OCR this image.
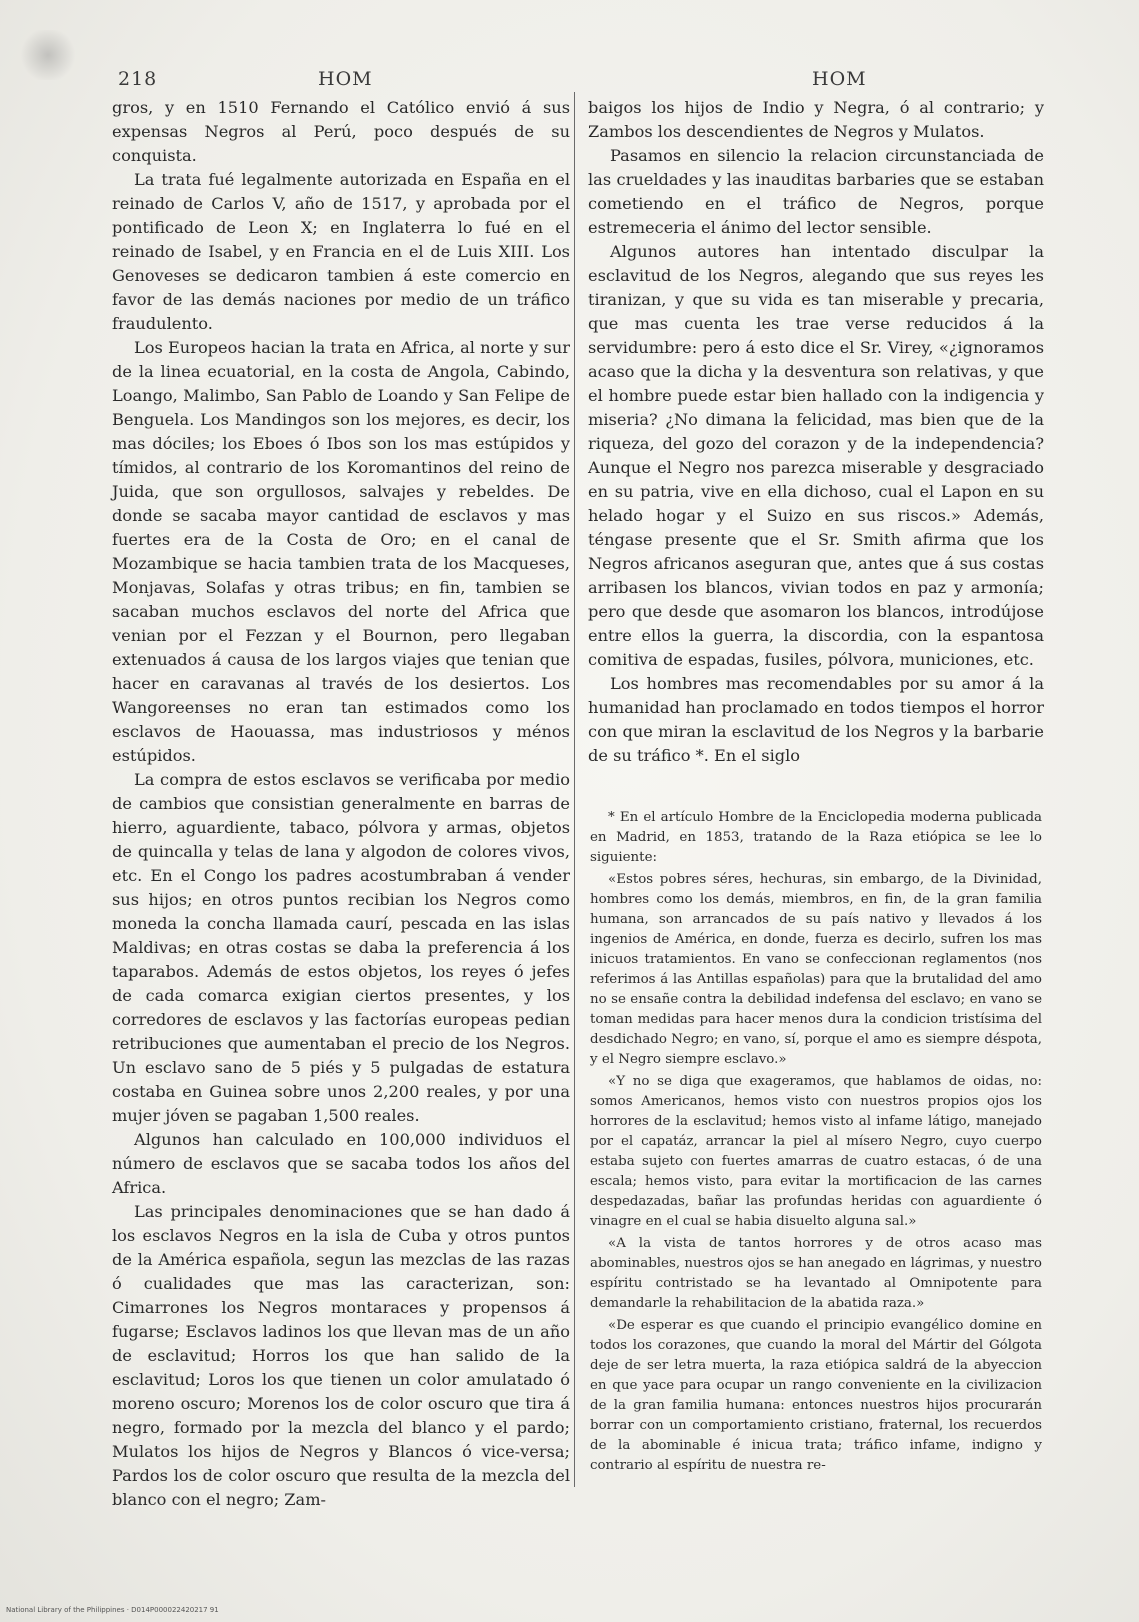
218	HOM	HOM

gros, y en 1510 Fernando el Católico envió á sus expensas Negros al Perú, poco después de su conquista.

La trata fué legalmente autorizada en España en el reinado de Carlos V, año de 1517, y aprobada por el pontificado de Leon X; en Inglaterra lo fué en el reinado de Isabel, y en Francia en el de Luis XIII. Los Genoveses se dedicaron tambien á este comercio en favor de las demás naciones por medio de un tráfico fraudulento.

Los Europeos hacian la trata en Africa, al norte y sur de la linea ecuatorial, en la costa de Angola, Cabindo, Loango, Malimbo, San Pablo de Loando y San Felipe de Benguela. Los Mandingos son los mejores, es decir, los mas dóciles; los Eboes ó Ibos son los mas estúpidos y tímidos, al contrario de los Koromantinos del reino de Juida, que son orgullosos, salvajes y rebeldes. De donde se sacaba mayor cantidad de esclavos y mas fuertes era de la Costa de Oro; en el canal de Mozambique se hacia tambien trata de los Macqueses, Monjavas, Solafas y otras tribus; en fin, tambien se sacaban muchos esclavos del norte del Africa que venian por el Fezzan y el Bournon, pero llegaban extenuados á causa de los largos viajes que tenian que hacer en caravanas al través de los desiertos. Los Wangoreenses no eran tan estimados como los esclavos de Haouassa, mas industriosos y ménos estúpidos.

La compra de estos esclavos se verificaba por medio de cambios que consistian generalmente en barras de hierro, aguardiente, tabaco, pólvora y armas, objetos de quincalla y telas de lana y algodon de colores vivos, etc. En el Congo los padres acostumbraban á vender sus hijos; en otros puntos recibian los Negros como moneda la concha llamada caurí, pescada en las islas Maldivas; en otras costas se daba la preferencia á los taparabos. Además de estos objetos, los reyes ó jefes de cada comarca exigian ciertos presentes, y los corredores de esclavos y las factorías europeas pedian retribuciones que aumentaban el precio de los Negros. Un esclavo sano de 5 piés y 5 pulgadas de estatura costaba en Guinea sobre unos 2,200 reales, y por una mujer jóven se pagaban 1,500 reales.

Algunos han calculado en 100,000 individuos el número de esclavos que se sacaba todos los años del Africa.

Las principales denominaciones que se han dado á los esclavos Negros en la isla de Cuba y otros puntos de la América española, segun las mezclas de las razas ó cualidades que mas las caracterizan, son: Cimarrones los Negros montaraces y propensos á fugarse; Esclavos ladinos los que llevan mas de un año de esclavitud; Horros los que han salido de la esclavitud; Loros los que tienen un color amulatado ó moreno oscuro; Morenos los de color oscuro que tira á negro, formado por la mezcla del blanco y el pardo; Mulatos los hijos de Negros y Blancos ó vice-versa; Pardos los de color oscuro que resulta de la mezcla del blanco con el negro; Zam-

baigos los hijos de Indio y Negra, ó al contrario; y Zambos los descendientes de Negros y Mulatos.

Pasamos en silencio la relacion circunstanciada de las crueldades y las inauditas barbaries que se estaban cometiendo en el tráfico de Negros, porque estremeceria el ánimo del lector sensible.

Algunos autores han intentado disculpar la esclavitud de los Negros, alegando que sus reyes les tiranizan, y que su vida es tan miserable y precaria, que mas cuenta les trae verse reducidos á la servidumbre: pero á esto dice el Sr. Virey, «¿ignoramos acaso que la dicha y la desventura son relativas, y que el hombre puede estar bien hallado con la indigencia y miseria? ¿No dimana la felicidad, mas bien que de la riqueza, del gozo del corazon y de la independencia? Aunque el Negro nos parezca miserable y desgraciado en su patria, vive en ella dichoso, cual el Lapon en su helado hogar y el Suizo en sus riscos.» Además, téngase presente que el Sr. Smith afirma que los Negros africanos aseguran que, antes que á sus costas arribasen los blancos, vivian todos en paz y armonía; pero que desde que asomaron los blancos, introdújose entre ellos la guerra, la discordia, con la espantosa comitiva de espadas, fusiles, pólvora, municiones, etc.

Los hombres mas recomendables por su amor á la humanidad han proclamado en todos tiempos el horror con que miran la esclavitud de los Negros y la barbarie de su tráfico *. En el siglo

* En el artículo Hombre de la Enciclopedia moderna publicada en Madrid, en 1853, tratando de la Raza etiópica se lee lo siguiente:

«Estos pobres séres, hechuras, sin embargo, de la Divinidad, hombres como los demás, miembros, en fin, de la gran familia humana, son arrancados de su país nativo y llevados á los ingenios de América, en donde, fuerza es decirlo, sufren los mas inicuos tratamientos. En vano se confeccionan reglamentos (nos referimos á las Antillas españolas) para que la brutalidad del amo no se ensañe contra la debilidad indefensa del esclavo; en vano se toman medidas para hacer menos dura la condicion tristísima del desdichado Negro; en vano, sí, porque el amo es siempre déspota, y el Negro siempre esclavo.»

«Y no se diga que exageramos, que hablamos de oidas, no: somos Americanos, hemos visto con nuestros propios ojos los horrores de la esclavitud; hemos visto al infame látigo, manejado por el capatáz, arrancar la piel al mísero Negro, cuyo cuerpo estaba sujeto con fuertes amarras de cuatro estacas, ó de una escala; hemos visto, para evitar la mortificacion de las carnes despedazadas, bañar las profundas heridas con aguardiente ó vinagre en el cual se habia disuelto alguna sal.»

«A la vista de tantos horrores y de otros acaso mas abominables, nuestros ojos se han anegado en lágrimas, y nuestro espíritu contristado se ha levantado al Omnipotente para demandarle la rehabilitacion de la abatida raza.»

«De esperar es que cuando el principio evangélico domine en todos los corazones, que cuando la moral del Mártir del Gólgota deje de ser letra muerta, la raza etiópica saldrá de la abyeccion en que yace para ocupar un rango conveniente en la civilizacion de la gran familia humana: entonces nuestros hijos procurarán borrar con un comportamiento cristiano, fraternal, los recuerdos de la abominable é inicua trata; tráfico infame, indigno y contrario al espíritu de nuestra re-

National Library of the Philippines · D014P000022420217 91
